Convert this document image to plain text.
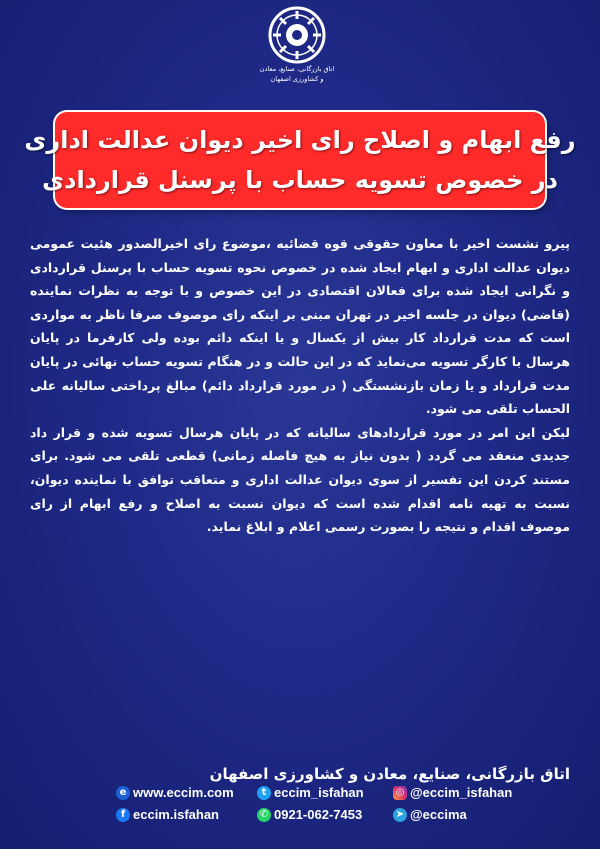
اتاق بازرگانی، صنایع، معادن
و کشاورزی اصفهان
رفع ابهام و اصلاح رای اخیر دیوان عدالت اداری
در خصوص تسویه حساب با پرسنل قراردادی

پیرو نشست اخیر با معاون حقوقی قوه قضائیه ،موضوع رای اخیرالصدور هئیت عمومی دیوان عدالت اداری و ابهام ایجاد شده در خصوص نحوه تسویه حساب با پرسنل قراردادی و نگرانی ایجاد شده برای فعالان اقتصادی در این خصوص و با توجه به نظرات نماینده (قاضی) دیوان در جلسه اخیر در تهران مبنی بر اینکه رای موصوف صرفا ناظر به مواردی است که مدت قرارداد کار بیش از یکسال و یا اینکه دائم بوده ولی کارفرما در پایان هرسال با کارگر تسویه می‌نماید که در این حالت و در هنگام تسویه حساب نهائی در پایان مدت قرارداد و یا زمان بازنشستگی ( در مورد قرارداد دائم) مبالغ پرداختی سالیانه علی الحساب تلقی می شود.

لیکن این امر در مورد قراردادهای سالیانه که در پایان هرسال تسویه شده و قرار داد جدیدی منعقد می گردد ( بدون نیاز به هیچ فاصله زمانی) قطعی تلقی می شود. برای مستند کردن این تفسیر از سوی دیوان عدالت اداری و متعاقب توافق با نماینده دیوان، نسبت به تهیه نامه اقدام شده است که دیوان نسبت به اصلاح و رفع ابهام از رای موصوف اقدام و نتیجه را بصورت رسمی اعلام و ابلاغ نماید.

اتاق بازرگانی، صنایع، معادن و کشاورزی اصفهان
e www.eccim.com	t eccim_isfahan	◎ @eccim_isfahan
f eccim.isfahan	✆ 0921-062-7453	➤ @eccima
